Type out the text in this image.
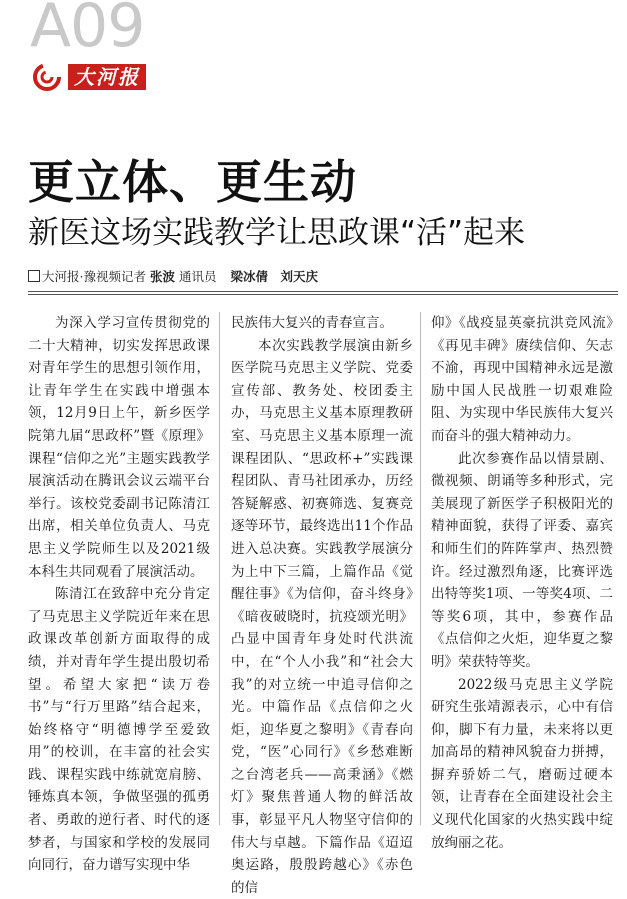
A09
大河报
更立体、更生动
新医这场实践教学让思政课“活”起来
大河报·豫视频记者 张波 通讯员 梁冰倩　刘天庆

为深入学习宣传贯彻党的二十大精神，切实发挥思政课对青年学生的思想引领作用，让青年学生在实践中增强本领，12月9日上午，新乡医学院第九届“思政杯”暨《原理》课程“信仰之光”主题实践教学展演活动在腾讯会议云端平台举行。该校党委副书记陈清江出席，相关单位负责人、马克思主义学院师生以及2021级本科生共同观看了展演活动。

陈清江在致辞中充分肯定了马克思主义学院近年来在思政课改革创新方面取得的成绩，并对青年学生提出殷切希望。希望大家把“读万卷书”与“行万里路”结合起来，始终格守“明德博学至爱致用”的校训，在丰富的社会实践、课程实践中练就宽肩膀、锤炼真本领，争做坚强的孤勇者、勇敢的逆行者、时代的逐梦者，与国家和学校的发展同向同行，奋力谱写实现中华

民族伟大复兴的青春宣言。

本次实践教学展演由新乡医学院马克思主义学院、党委宣传部、教务处、校团委主办，马克思主义基本原理教研室、马克思主义基本原理一流课程团队、“思政杯+”实践课程团队、青马社团承办，历经答疑解惑、初赛筛选、复赛竞逐等环节，最终选出11个作品进入总决赛。实践教学展演分为上中下三篇，上篇作品《觉醒往事》《为信仰，奋斗终身》《暗夜破晓时，抗疫颂光明》凸显中国青年身处时代洪流中，在“个人小我”和“社会大我”的对立统一中追寻信仰之光。中篇作品《点信仰之火炬，迎华夏之黎明》《青春向党，“医”心同行》《乡愁难断之台湾老兵——高秉涵》《燃灯》聚焦普通人物的鲜活故事，彰显平凡人物坚守信仰的伟大与卓越。下篇作品《迢迢奥运路，殷殷跨越心》《赤色的信

仰》《战疫显英豪抗洪竞风流》《再见丰碑》赓续信仰、矢志不渝，再现中国精神永远是激励中国人民战胜一切艰难险阻、为实现中华民族伟大复兴而奋斗的强大精神动力。

此次参赛作品以情景剧、微视频、朗诵等多种形式，完美展现了新医学子积极阳光的精神面貌，获得了评委、嘉宾和师生们的阵阵掌声、热烈赞许。经过激烈角逐，比赛评选出特等奖1项、一等奖4项、二等奖6项，其中，参赛作品《点信仰之火炬，迎华夏之黎明》荣获特等奖。

2022级马克思主义学院研究生张靖源表示，心中有信仰，脚下有力量，未来将以更加高昂的精神风貌奋力拼搏，摒弃骄娇二气，磨砺过硬本领，让青春在全面建设社会主义现代化国家的火热实践中绽放绚丽之花。
